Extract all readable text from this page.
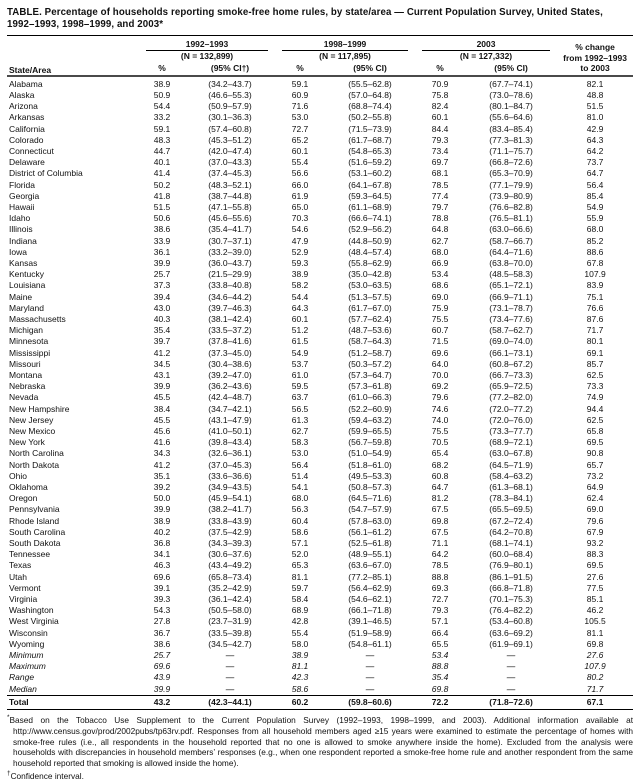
TABLE. Percentage of households reporting smoke-free home rules, by state/area — Current Population Survey, United States, 1992–1993, 1998–1999, and 2003*
State/Area	1992–1993		1998–1999		2003		% change
from 1992–1993
to 2003

	(N = 132,899)		(N = 117,895)		(N = 127,332)		
	%	(95% CI†)	%	(95% CI)	%	(95% CI)	
Alabama	38.9	(34.2–43.7)	59.1	(55.5–62.8)	70.9	(67.7–74.1)	82.1
Alaska	50.9	(46.6–55.3)	60.9	(57.0–64.8)	75.8	(73.0–78.6)	48.8
Arizona	54.4	(50.9–57.9)	71.6	(68.8–74.4)	82.4	(80.1–84.7)	51.5
Arkansas	33.2	(30.1–36.3)	53.0	(50.2–55.8)	60.1	(55.6–64.6)	81.0
California	59.1	(57.4–60.8)	72.7	(71.5–73.9)	84.4	(83.4–85.4)	42.9
Colorado	48.3	(45.3–51.2)	65.2	(61.7–68.7)	79.3	(77.3–81.3)	64.3
Connecticut	44.7	(42.0–47.4)	60.1	(54.8–65.3)	73.4	(71.1–75.7)	64.2
Delaware	40.1	(37.0–43.3)	55.4	(51.6–59.2)	69.7	(66.8–72.6)	73.7
District of Columbia	41.4	(37.4–45.3)	56.6	(53.1–60.2)	68.1	(65.3–70.9)	64.7
Florida	50.2	(48.3–52.1)	66.0	(64.1–67.8)	78.5	(77.1–79.9)	56.4
Georgia	41.8	(38.7–44.8)	61.9	(59.3–64.5)	77.4	(73.9–80.9)	85.4
Hawaii	51.5	(47.1–55.8)	65.0	(61.1–68.9)	79.7	(76.6–82.8)	54.9
Idaho	50.6	(45.6–55.6)	70.3	(66.6–74.1)	78.8	(76.5–81.1)	55.9
Illinois	38.6	(35.4–41.7)	54.6	(52.9–56.2)	64.8	(63.0–66.6)	68.0
Indiana	33.9	(30.7–37.1)	47.9	(44.8–50.9)	62.7	(58.7–66.7)	85.2
Iowa	36.1	(33.2–39.0)	52.9	(48.4–57.4)	68.0	(64.4–71.6)	88.6
Kansas	39.9	(36.0–43.7)	59.3	(55.8–62.9)	66.9	(63.8–70.0)	67.8
Kentucky	25.7	(21.5–29.9)	38.9	(35.0–42.8)	53.4	(48.5–58.3)	107.9
Louisiana	37.3	(33.8–40.8)	58.2	(53.0–63.5)	68.6	(65.1–72.1)	83.9
Maine	39.4	(34.6–44.2)	54.4	(51.3–57.5)	69.0	(66.9–71.1)	75.1
Maryland	43.0	(39.7–46.3)	64.3	(61.7–67.0)	75.9	(73.1–78.7)	76.6
Massachusetts	40.3	(38.1–42.4)	60.1	(57.7–62.4)	75.5	(73.4–77.6)	87.6
Michigan	35.4	(33.5–37.2)	51.2	(48.7–53.6)	60.7	(58.7–62.7)	71.7
Minnesota	39.7	(37.8–41.6)	61.5	(58.7–64.3)	71.5	(69.0–74.0)	80.1
Mississippi	41.2	(37.3–45.0)	54.9	(51.2–58.7)	69.6	(66.1–73.1)	69.1
Missouri	34.5	(30.4–38.6)	53.7	(50.3–57.2)	64.0	(60.8–67.2)	85.7
Montana	43.1	(39.2–47.0)	61.0	(57.3–64.7)	70.0	(66.7–73.3)	62.5
Nebraska	39.9	(36.2–43.6)	59.5	(57.3–61.8)	69.2	(65.9–72.5)	73.3
Nevada	45.5	(42.4–48.7)	63.7	(61.0–66.3)	79.6	(77.2–82.0)	74.9
New Hampshire	38.4	(34.7–42.1)	56.5	(52.2–60.9)	74.6	(72.0–77.2)	94.4
New Jersey	45.5	(43.1–47.9)	61.3	(59.4–63.2)	74.0	(72.0–76.0)	62.5
New Mexico	45.6	(41.0–50.1)	62.7	(59.9–65.5)	75.5	(73.3–77.7)	65.8
New York	41.6	(39.8–43.4)	58.3	(56.7–59.8)	70.5	(68.9–72.1)	69.5
North Carolina	34.3	(32.6–36.1)	53.0	(51.0–54.9)	65.4	(63.0–67.8)	90.8
North Dakota	41.2	(37.0–45.3)	56.4	(51.8–61.0)	68.2	(64.5–71.9)	65.7
Ohio	35.1	(33.6–36.6)	51.4	(49.5–53.3)	60.8	(58.4–63.2)	73.2
Oklahoma	39.2	(34.9–43.5)	54.1	(50.8–57.3)	64.7	(61.3–68.1)	64.9
Oregon	50.0	(45.9–54.1)	68.0	(64.5–71.6)	81.2	(78.3–84.1)	62.4
Pennsylvania	39.9	(38.2–41.7)	56.3	(54.7–57.9)	67.5	(65.5–69.5)	69.0
Rhode Island	38.9	(33.8–43.9)	60.4	(57.8–63.0)	69.8	(67.2–72.4)	79.6
South Carolina	40.2	(37.5–42.9)	58.6	(56.1–61.2)	67.5	(64.2–70.8)	67.9
South Dakota	36.8	(34.3–39.3)	57.1	(52.5–61.8)	71.1	(68.1–74.1)	93.2
Tennessee	34.1	(30.6–37.6)	52.0	(48.9–55.1)	64.2	(60.0–68.4)	88.3
Texas	46.3	(43.4–49.2)	65.3	(63.6–67.0)	78.5	(76.9–80.1)	69.5
Utah	69.6	(65.8–73.4)	81.1	(77.2–85.1)	88.8	(86.1–91.5)	27.6
Vermont	39.1	(35.2–42.9)	59.7	(56.4–62.9)	69.3	(66.8–71.8)	77.5
Virginia	39.3	(36.1–42.4)	58.4	(54.6–62.1)	72.7	(70.1–75.3)	85.1
Washington	54.3	(50.5–58.0)	68.9	(66.1–71.8)	79.3	(76.4–82.2)	46.2
West Virginia	27.8	(23.7–31.9)	42.8	(39.1–46.5)	57.1	(53.4–60.8)	105.5
Wisconsin	36.7	(33.5–39.8)	55.4	(51.9–58.9)	66.4	(63.6–69.2)	81.1
Wyoming	38.6	(34.5–42.7)	58.0	(54.8–61.1)	65.5	(61.9–69.1)	69.8
Minimum	25.7	—	38.9	—	53.4	—	27.6
Maximum	69.6	—	81.1	—	88.8	—	107.9
Range	43.9	—	42.3	—	35.4	—	80.2
Median	39.9	—	58.6	—	69.8	—	71.7
Total	43.2	(42.3–44.1)	60.2	(59.8–60.6)	72.2	(71.8–72.6)	67.1
*Based on the Tobacco Use Supplement to the Current Population Survey (1992–1993, 1998–1999, and 2003). Additional information available at http://www.census.gov/prod/2002pubs/tp63rv.pdf. Responses from all household members aged ≥15 years were examined to estimate the percentage of homes with smoke-free rules (i.e., all respondents in the household reported that no one is allowed to smoke anywhere inside the home). Excluded from the analysis were households with discrepancies in household members’ responses (e.g., when one respondent reported a smoke-free home rule and another respondent from the same household reported that smoking is allowed inside the home).
†Confidence interval.
